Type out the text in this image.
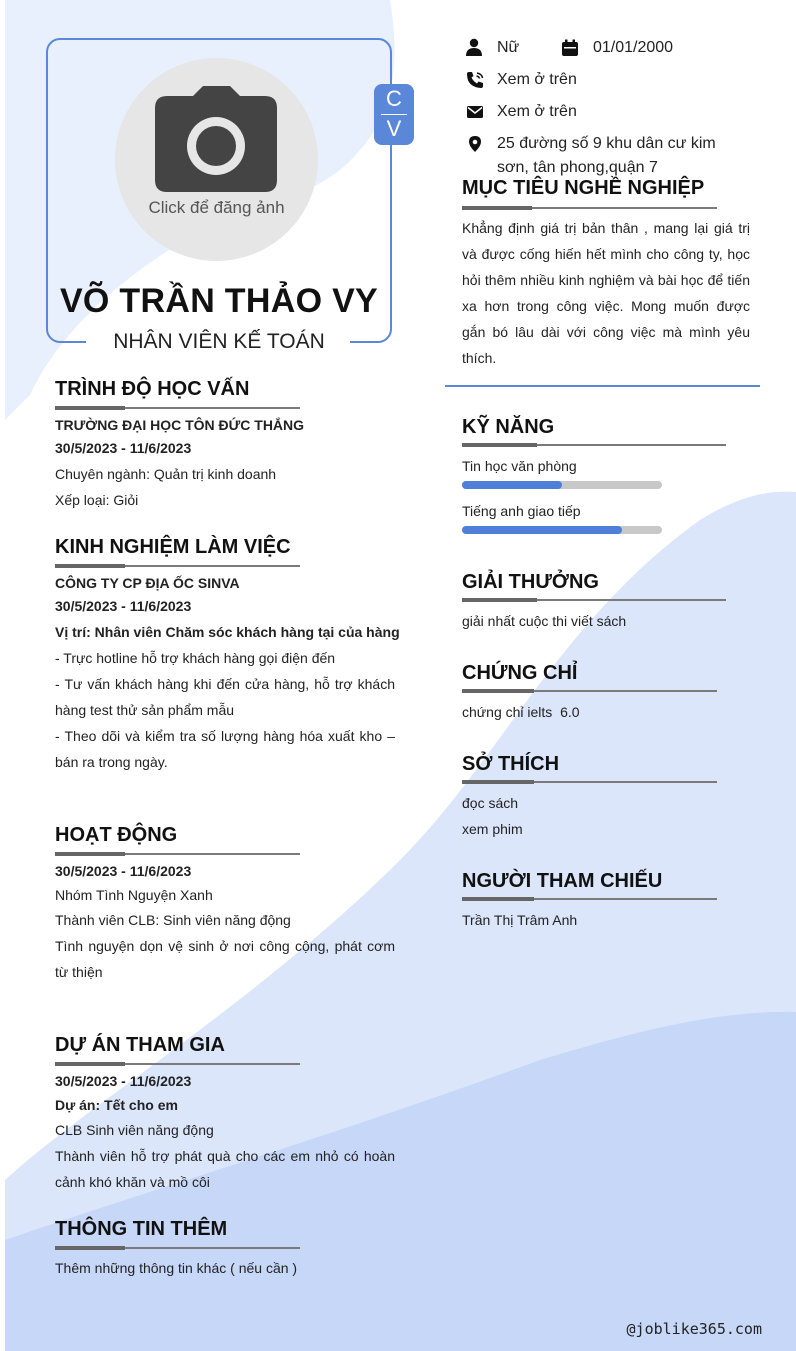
Click để đăng ảnh
C
V
VÕ TRẦN THẢO VY
NHÂN VIÊN KẾ TOÁN
Nữ	01/01/2000
Xem ở trên
Xem ở trên
25 đường số 9 khu dân cư kim
sơn, tân phong,quận 7
MỤC TIÊU NGHỀ NGHIỆP
Khẳng định giá trị bản thân , mang lại giá trị và được cống hiến hết mình cho công ty, học hỏi thêm nhiều kinh nghiệm và bài học để tiến xa hơn trong công việc. Mong muốn được gắn bó lâu dài với công việc mà mình yêu thích.
TRÌNH ĐỘ HỌC VẤN
TRƯỜNG ĐẠI HỌC TÔN ĐỨC THẮNG
30/5/2023 - 11/6/2023
Chuyên ngành: Quản trị kinh doanh
Xếp loại: Giỏi
KINH NGHIỆM LÀM VIỆC
CÔNG TY CP ĐỊA ỐC SINVA
30/5/2023 - 11/6/2023
Vị trí: Nhân viên Chăm sóc khách hàng tại của hàng
- Trực hotline hỗ trợ khách hàng gọi điện đến
- Tư vấn khách hàng khi đến cửa hàng, hỗ trợ khách hàng test thử sản phẩm mẫu
- Theo dõi và kiểm tra số lượng hàng hóa xuất kho – bán ra trong ngày.
HOẠT ĐỘNG
30/5/2023 - 11/6/2023
Nhóm Tình Nguyện Xanh
Thành viên CLB: Sinh viên năng động
Tình nguyện dọn vệ sinh ở nơi công cộng, phát cơm từ thiện
DỰ ÁN THAM GIA
30/5/2023 - 11/6/2023
Dự án: Tết cho em
CLB Sinh viên năng động
Thành viên hỗ trợ phát quà cho các em nhỏ có hoàn cảnh khó khăn và mồ côi
THÔNG TIN THÊM
Thêm những thông tin khác ( nếu cần )
KỸ NĂNG
Tin học văn phòng
Tiếng anh giao tiếp
GIẢI THƯỞNG
giải nhất cuộc thi viết sách
CHỨNG CHỈ
chứng chỉ ielts  6.0
SỞ THÍCH
đọc sách
xem phim
NGƯỜI THAM CHIẾU
Trần Thị Trâm Anh
@joblike365.com
